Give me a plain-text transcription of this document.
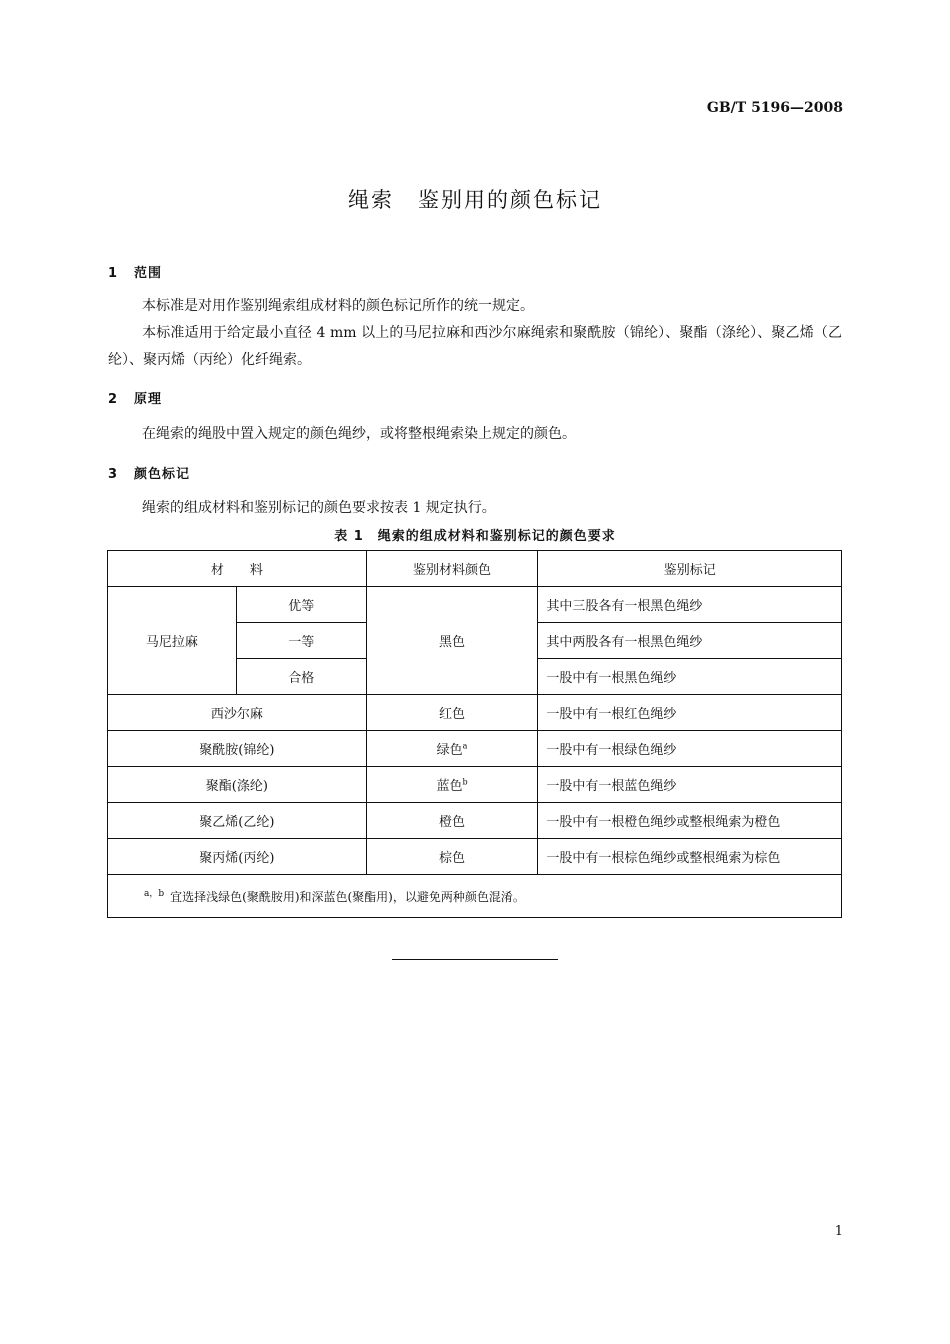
GB/T 5196—2008
绳索 鉴别用的颜色标记
1 范围
本标准是对用作鉴别绳索组成材料的颜色标记所作的统一规定。
本标准适用于给定最小直径 4 mm 以上的马尼拉麻和西沙尔麻绳索和聚酰胺（锦纶）、聚酯（涤纶）、聚乙烯（乙纶）、聚丙烯（丙纶）化纤绳索。
2 原理
在绳索的绳股中置入规定的颜色绳纱，或将整根绳索染上规定的颜色。
3 颜色标记
绳索的组成材料和鉴别标记的颜色要求按表 1 规定执行。
表 1 绳索的组成材料和鉴别标记的颜色要求
材　　料		鉴别材料颜色	鉴别标记
马尼拉麻	优等	黑色	其中三股各有一根黑色绳纱
	一等		其中两股各有一根黑色绳纱
	合格		一股中有一根黑色绳纱
西沙尔麻		红色	一股中有一根红色绳纱
聚酰胺(锦纶)		绿色$^a$	一股中有一根绿色绳纱
聚酯(涤纶)		蓝色$^b$	一股中有一根蓝色绳纱
聚乙烯(乙纶)		橙色	一股中有一根橙色绳纱或整根绳索为橙色
聚丙烯(丙纶)		棕色	一股中有一根棕色绳纱或整根绳索为棕色
$^{a,b}$ 宜选择浅绿色(聚酰胺用)和深蓝色(聚酯用)，以避免两种颜色混淆。			
1
